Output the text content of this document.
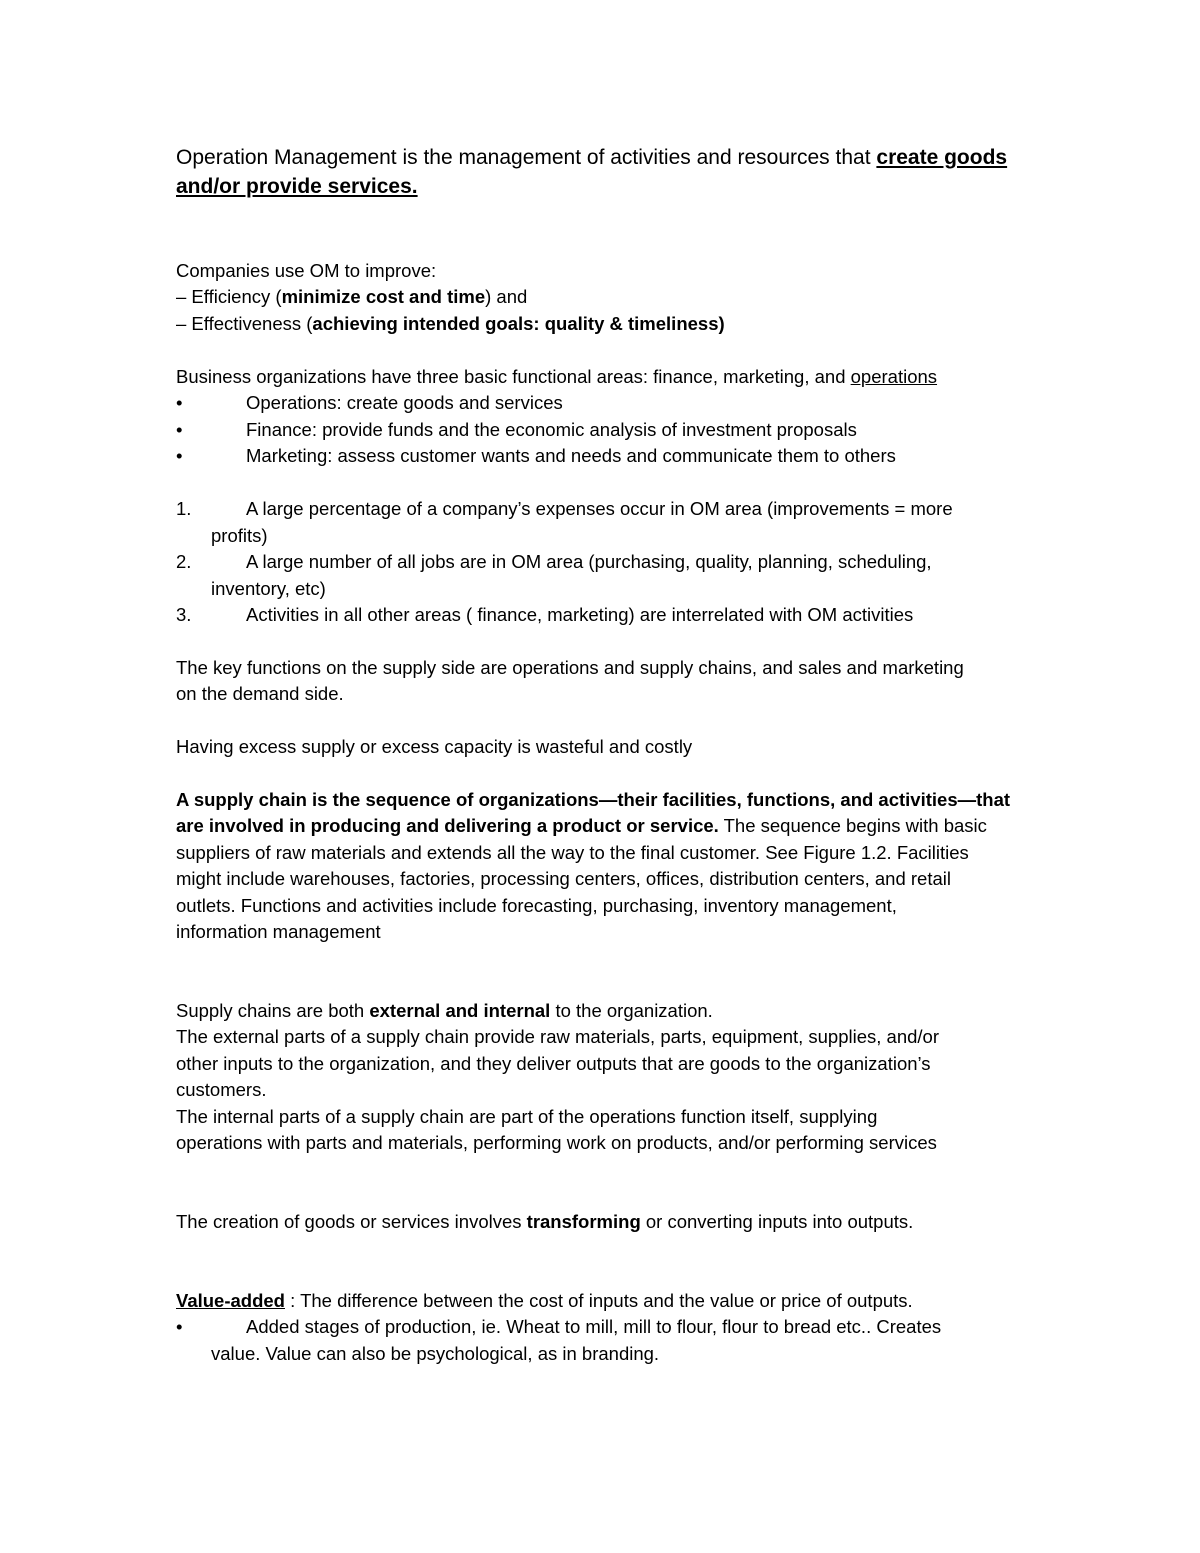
Operation Management is the management of activities and resources that create goods
and/or provide services.
Companies use OM to improve:
– Efficiency (minimize cost and time) and
– Effectiveness (achieving intended goals: quality & timeliness)
Business organizations have three basic functional areas: finance, marketing, and operations
•	Operations: create goods and services
•	Finance: provide funds and the economic analysis of investment proposals
•	Marketing: assess customer wants and needs and communicate them to others
1.	A large percentage of a company’s expenses occur in OM area (improvements = more
profits)
2.	A large number of all jobs are in OM area (purchasing, quality, planning, scheduling,
inventory, etc)
3.	Activities in all other areas ( finance, marketing) are interrelated with OM activities
The key functions on the supply side are operations and supply chains, and sales and marketing
on the demand side.
Having excess supply or excess capacity is wasteful and costly
A supply chain is the sequence of organizations—their facilities, functions, and activities—that
are involved in producing and delivering a product or service. The sequence begins with basic
suppliers of raw materials and extends all the way to the final customer. See Figure 1.2. Facilities
might include warehouses, factories, processing centers, offices, distribution centers, and retail
outlets. Functions and activities include forecasting, purchasing, inventory management,
information management
Supply chains are both external and internal to the organization.
The external parts of a supply chain provide raw materials, parts, equipment, supplies, and/or
other inputs to the organization, and they deliver outputs that are goods to the organization’s
customers.
The internal parts of a supply chain are part of the operations function itself, supplying
operations with parts and materials, performing work on products, and/or performing services
The creation of goods or services involves transforming or converting inputs into outputs.
Value-added : The difference between the cost of inputs and the value or price of outputs.
•	Added stages of production, ie. Wheat to mill, mill to flour, flour to bread etc.. Creates
value. Value can also be psychological, as in branding.
